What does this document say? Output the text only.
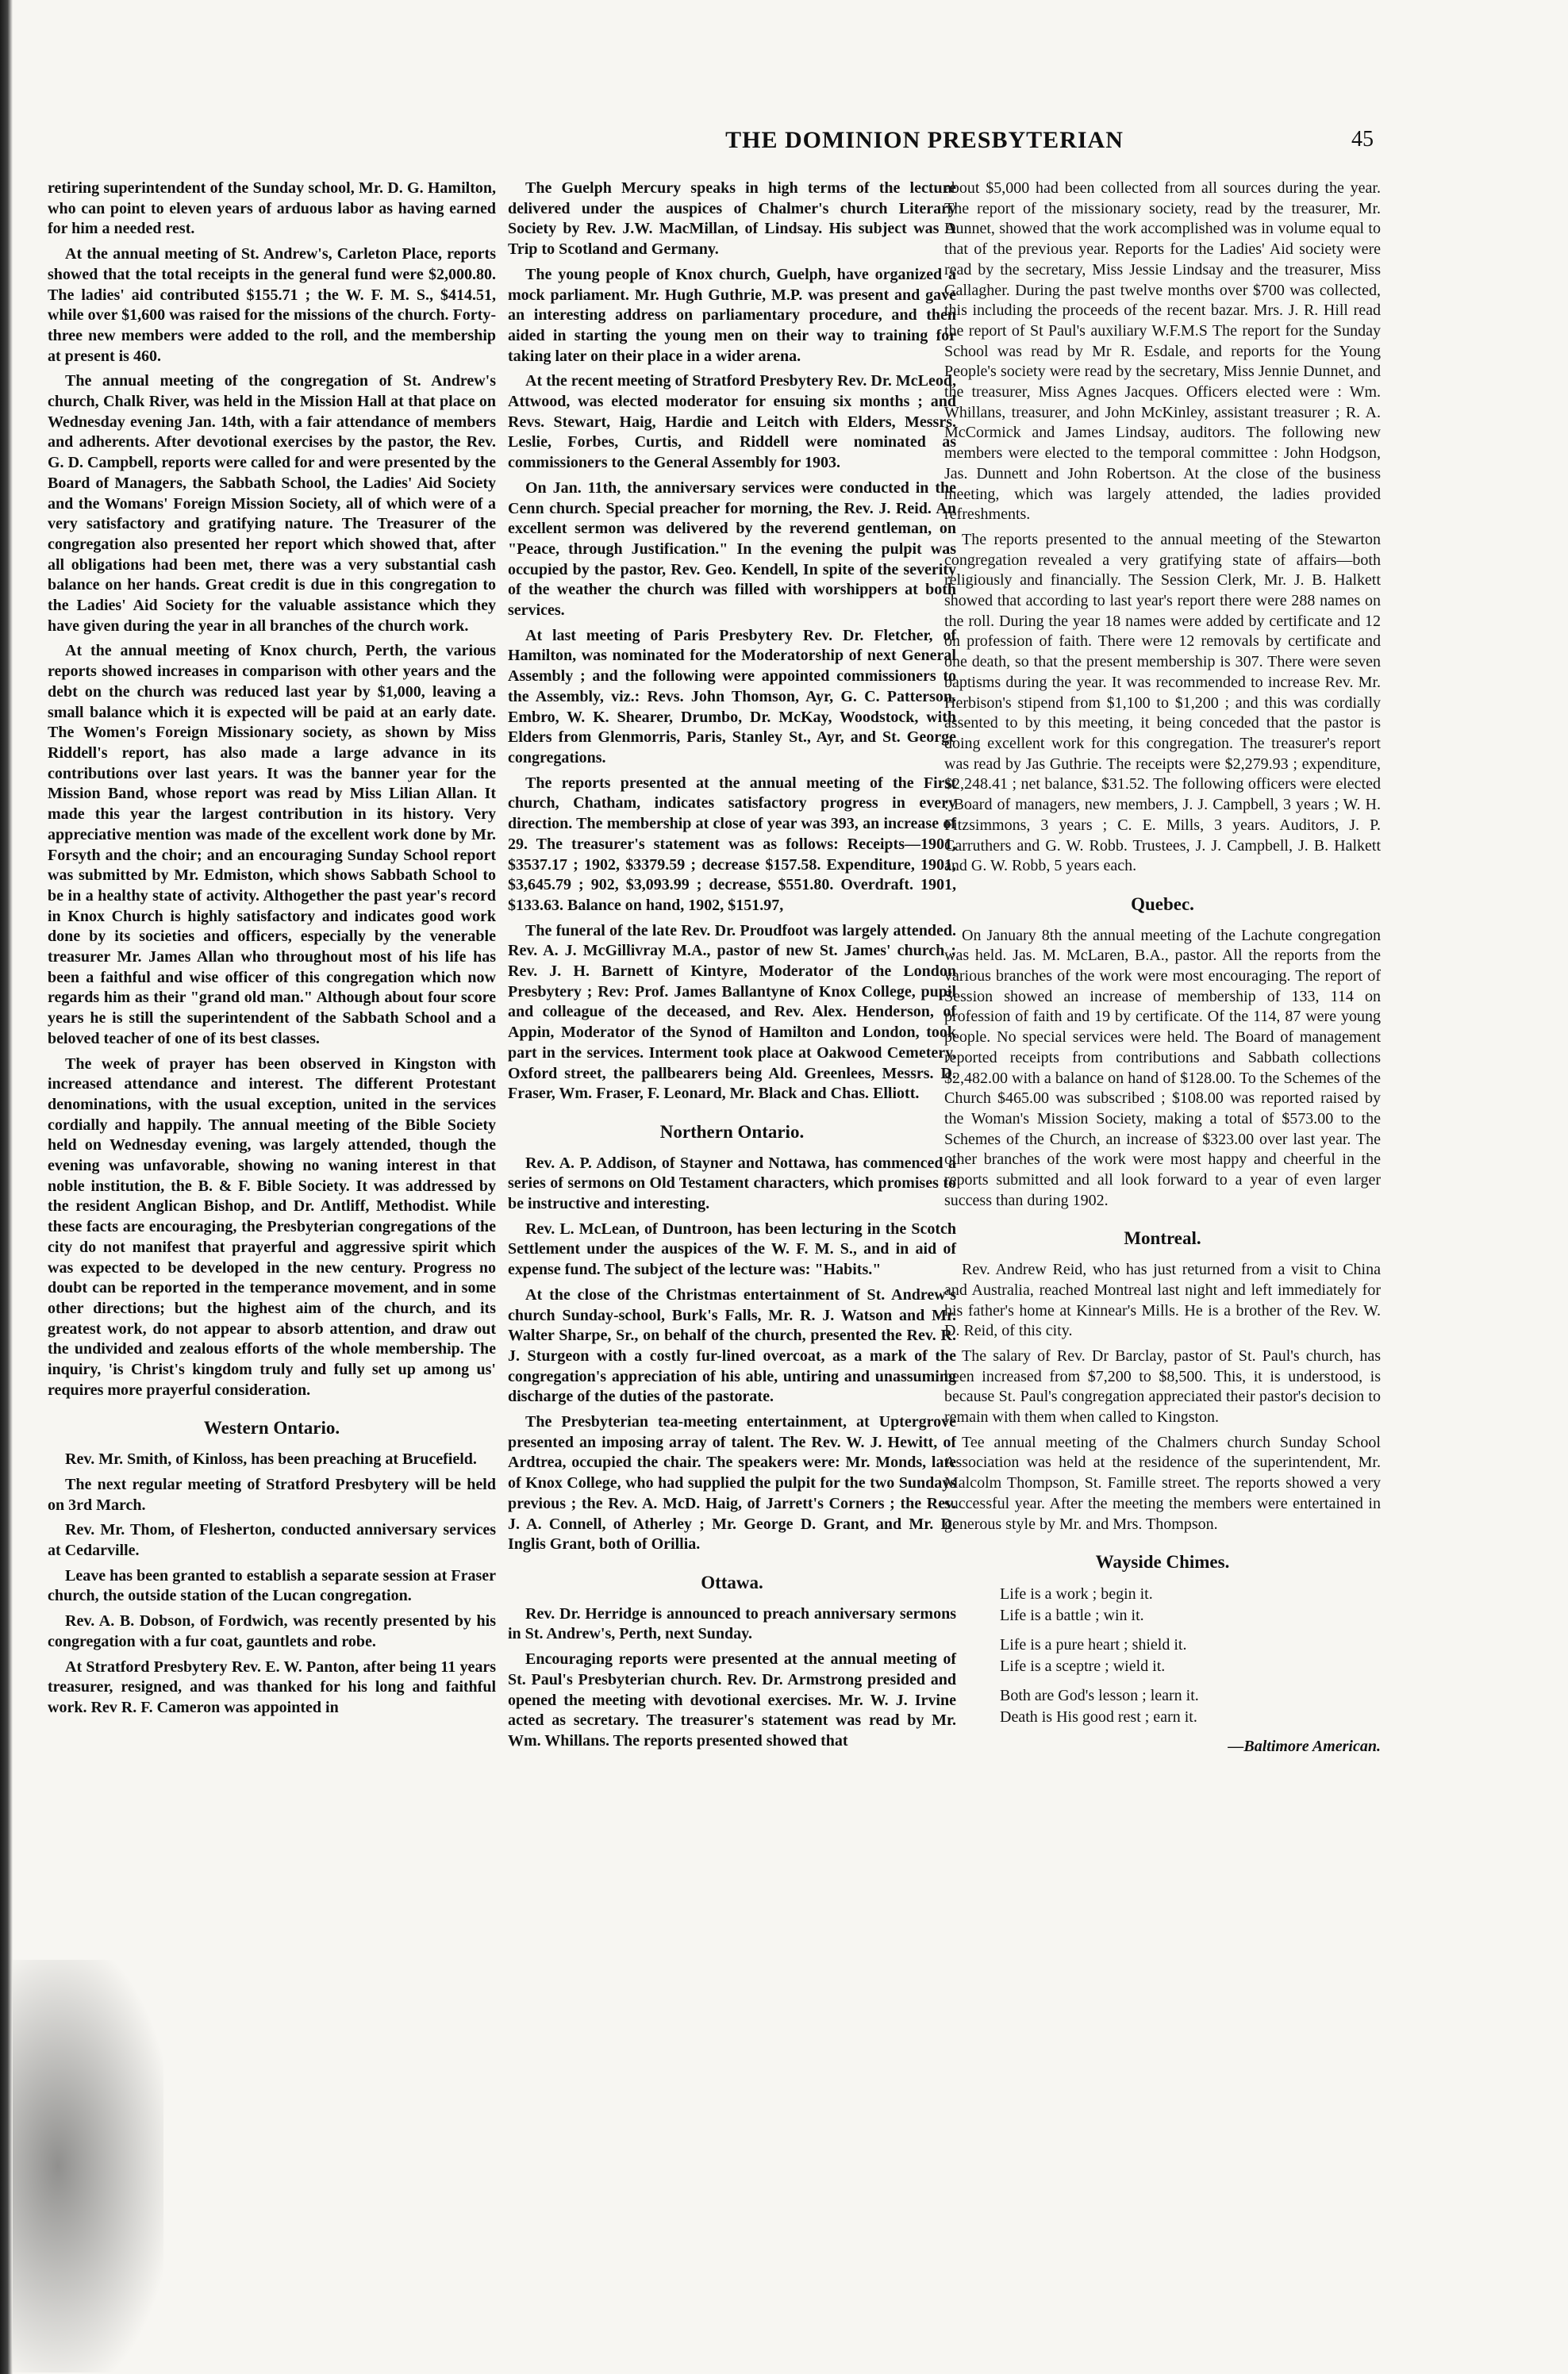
THE DOMINION PRESBYTERIAN	45

retiring superintendent of the Sunday school, Mr. D. G. Hamilton, who can point to eleven years of arduous labor as having earned for him a needed rest.

At the annual meeting of St. Andrew's, Carleton Place, reports showed that the total receipts in the general fund were $2,000.80. The ladies' aid contributed $155.71 ; the W. F. M. S., $414.51, while over $1,600 was raised for the missions of the church. Forty-three new members were added to the roll, and the membership at present is 460.

The annual meeting of the congregation of St. Andrew's church, Chalk River, was held in the Mission Hall at that place on Wednesday evening Jan. 14th, with a fair attendance of members and adherents. After devotional exercises by the pastor, the Rev. G. D. Campbell, reports were called for and were presented by the Board of Managers, the Sabbath School, the Ladies' Aid Society and the Womans' Foreign Mission Society, all of which were of a very satisfactory and gratifying nature. The Treasurer of the congregation also presented her report which showed that, after all obligations had been met, there was a very substantial cash balance on her hands. Great credit is due in this congregation to the Ladies' Aid Society for the valuable assistance which they have given during the year in all branches of the church work.

At the annual meeting of Knox church, Perth, the various reports showed increases in comparison with other years and the debt on the church was reduced last year by $1,000, leaving a small balance which it is expected will be paid at an early date. The Women's Foreign Missionary society, as shown by Miss Riddell's report, has also made a large advance in its contributions over last years. It was the banner year for the Mission Band, whose report was read by Miss Lilian Allan. It made this year the largest contribution in its history. Very appreciative mention was made of the excellent work done by Mr. Forsyth and the choir; and an encouraging Sunday School report was submitted by Mr. Edmiston, which shows Sabbath School to be in a healthy state of activity. Althogether the past year's record in Knox Church is highly satisfactory and indicates good work done by its societies and officers, especially by the venerable treasurer Mr. James Allan who throughout most of his life has been a faithful and wise officer of this congregation which now regards him as their "grand old man." Although about four score years he is still the superintendent of the Sabbath School and a beloved teacher of one of its best classes.

The week of prayer has been observed in Kingston with increased attendance and interest. The different Protestant denominations, with the usual exception, united in the services cordially and happily. The annual meeting of the Bible Society held on Wednesday evening, was largely attended, though the evening was unfavorable, showing no waning interest in that noble institution, the B. & F. Bible Society. It was addressed by the resident Anglican Bishop, and Dr. Antliff, Methodist. While these facts are encouraging, the Presbyterian congregations of the city do not manifest that prayerful and aggressive spirit which was expected to be developed in the new century. Progress no doubt can be reported in the temperance movement, and in some other directions; but the highest aim of the church, and its greatest work, do not appear to absorb attention, and draw out the undivided and zealous efforts of the whole membership. The inquiry, 'is Christ's kingdom truly and fully set up among us' requires more prayerful consideration.

Western Ontario.

Rev. Mr. Smith, of Kinloss, has been preaching at Brucefield.

The next regular meeting of Stratford Presbytery will be held on 3rd March.

Rev. Mr. Thom, of Flesherton, conducted anniversary services at Cedarville.

Leave has been granted to establish a separate session at Fraser church, the outside station of the Lucan congregation.

Rev. A. B. Dobson, of Fordwich, was recently presented by his congregation with a fur coat, gauntlets and robe.

At Stratford Presbytery Rev. E. W. Panton, after being 11 years treasurer, resigned, and was thanked for his long and faithful work. Rev R. F. Cameron was appointed in

The Guelph Mercury speaks in high terms of the lecture delivered under the auspices of Chalmer's church Literary Society by Rev. J.W. MacMillan, of Lindsay. His subject was A Trip to Scotland and Germany.

The young people of Knox church, Guelph, have organized a mock parliament. Mr. Hugh Guthrie, M.P. was present and gave an interesting address on parliamentary procedure, and then aided in starting the young men on their way to training for taking later on their place in a wider arena.

At the recent meeting of Stratford Presbytery Rev. Dr. McLeod, Attwood, was elected moderator for ensuing six months ; and Revs. Stewart, Haig, Hardie and Leitch with Elders, Messrs. Leslie, Forbes, Curtis, and Riddell were nominated as commissioners to the General Assembly for 1903.

On Jan. 11th, the anniversary services were conducted in the Cenn church. Special preacher for morning, the Rev. J. Reid. An excellent sermon was delivered by the reverend gentleman, on "Peace, through Justification." In the evening the pulpit was occupied by the pastor, Rev. Geo. Kendell, In spite of the severity of the weather the church was filled with worshippers at both services.

At last meeting of Paris Presbytery Rev. Dr. Fletcher, of Hamilton, was nominated for the Moderatorship of next General Assembly ; and the following were appointed commissioners to the Assembly, viz.: Revs. John Thomson, Ayr, G. C. Patterson. Embro, W. K. Shearer, Drumbo, Dr. McKay, Woodstock, with Elders from Glenmorris, Paris, Stanley St., Ayr, and St. George congregations.

The reports presented at the annual meeting of the First church, Chatham, indicates satisfactory progress in every direction. The membership at close of year was 393, an increase of 29. The treasurer's statement was as follows: Receipts—1901, $3537.17 ; 1902, $3379.59 ; decrease $157.58. Expenditure, 1901, $3,645.79 ; 902, $3,093.99 ; decrease, $551.80. Overdraft. 1901, $133.63. Balance on hand, 1902, $151.97,

The funeral of the late Rev. Dr. Proudfoot was largely attended. Rev. A. J. McGillivray M.A., pastor of new St. James' church ; Rev. J. H. Barnett of Kintyre, Moderator of the London Presbytery ; Rev: Prof. James Ballantyne of Knox College, pupil and colleague of the deceased, and Rev. Alex. Henderson, of Appin, Moderator of the Synod of Hamilton and London, took part in the services. Interment took place at Oakwood Cemetery, Oxford street, the pallbearers being Ald. Greenlees, Messrs. D. Fraser, Wm. Fraser, F. Leonard, Mr. Black and Chas. Elliott.

Northern Ontario.

Rev. A. P. Addison, of Stayner and Nottawa, has commenced a series of sermons on Old Testament characters, which promises to be instructive and interesting.

Rev. L. McLean, of Duntroon, has been lecturing in the Scotch Settlement under the auspices of the W. F. M. S., and in aid of expense fund. The subject of the lecture was: "Habits."

At the close of the Christmas entertainment of St. Andrew's church Sunday-school, Burk's Falls, Mr. R. J. Watson and Mr. Walter Sharpe, Sr., on behalf of the church, presented the Rev. R. J. Sturgeon with a costly fur-lined overcoat, as a mark of the congregation's appreciation of his able, untiring and unassuming discharge of the duties of the pastorate.

The Presbyterian tea-meeting entertainment, at Uptergrove presented an imposing array of talent. The Rev. W. J. Hewitt, of Ardtrea, occupied the chair. The speakers were: Mr. Monds, late of Knox College, who had supplied the pulpit for the two Sundays previous ; the Rev. A. McD. Haig, of Jarrett's Corners ; the Rev. J. A. Connell, of Atherley ; Mr. George D. Grant, and Mr. D. Inglis Grant, both of Orillia.

Ottawa.

Rev. Dr. Herridge is announced to preach anniversary sermons in St. Andrew's, Perth, next Sunday.

Encouraging reports were presented at the annual meeting of St. Paul's Presbyterian church. Rev. Dr. Armstrong presided and opened the meeting with devotional exercises. Mr. W. J. Irvine acted as secretary. The treasurer's statement was read by Mr. Wm. Whillans. The reports presented showed that

about $5,000 had been collected from all sources during the year. The report of the missionary society, read by the treasurer, Mr. Dunnet, showed that the work accomplished was in volume equal to that of the previous year. Reports for the Ladies' Aid society were read by the secretary, Miss Jessie Lindsay and the treasurer, Miss Gallagher. During the past twelve months over $700 was collected, this including the proceeds of the recent bazar. Mrs. J. R. Hill read the report of St Paul's auxiliary W.F.M.S The report for the Sunday School was read by Mr R. Esdale, and reports for the Young People's society were read by the secretary, Miss Jennie Dunnet, and the treasurer, Miss Agnes Jacques. Officers elected were : Wm. Whillans, treasurer, and John McKinley, assistant treasurer ; R. A. McCormick and James Lindsay, auditors. The following new members were elected to the temporal committee : John Hodgson, Jas. Dunnett and John Robertson. At the close of the business meeting, which was largely attended, the ladies provided refreshments.

The reports presented to the annual meeting of the Stewarton congregation revealed a very gratifying state of affairs—both religiously and financially. The Session Clerk, Mr. J. B. Halkett showed that according to last year's report there were 288 names on the roll. During the year 18 names were added by certificate and 12 on profession of faith. There were 12 removals by certificate and one death, so that the present membership is 307. There were seven baptisms during the year. It was recommended to increase Rev. Mr. Herbison's stipend from $1,100 to $1,200 ; and this was cordially assented to by this meeting, it being conceded that the pastor is doing excellent work for this congregation. The treasurer's report was read by Jas Guthrie. The receipts were $2,279.93 ; expenditure, $2,248.41 ; net balance, $31.52. The following officers were elected : Board of managers, new members, J. J. Campbell, 3 years ; W. H. Fitzsimmons, 3 years ; C. E. Mills, 3 years. Auditors, J. P. Carruthers and G. W. Robb. Trustees, J. J. Campbell, J. B. Halkett and G. W. Robb, 5 years each.

Quebec.

On January 8th the annual meeting of the Lachute congregation was held. Jas. M. McLaren, B.A., pastor. All the reports from the various branches of the work were most encouraging. The report of Session showed an increase of membership of 133, 114 on profession of faith and 19 by certificate. Of the 114, 87 were young people. No special services were held. The Board of management reported receipts from contributions and Sabbath collections $2,482.00 with a balance on hand of $128.00. To the Schemes of the Church $465.00 was subscribed ; $108.00 was reported raised by the Woman's Mission Society, making a total of $573.00 to the Schemes of the Church, an increase of $323.00 over last year. The other branches of the work were most happy and cheerful in the reports submitted and all look forward to a year of even larger success than during 1902.

Montreal.

Rev. Andrew Reid, who has just returned from a visit to China and Australia, reached Montreal last night and left immediately for his father's home at Kinnear's Mills. He is a brother of the Rev. W. D. Reid, of this city.

The salary of Rev. Dr Barclay, pastor of St. Paul's church, has been increased from $7,200 to $8,500. This, it is understood, is because St. Paul's congregation appreciated their pastor's decision to remain with them when called to Kingston.

Tee annual meeting of the Chalmers church Sunday School Association was held at the residence of the superintendent, Mr. Malcolm Thompson, St. Famille street. The reports showed a very successful year. After the meeting the members were entertained in generous style by Mr. and Mrs. Thompson.

Wayside Chimes.
Life is a work ; begin it.
Life is a battle ; win it.
Life is a pure heart ; shield it.
Life is a sceptre ; wield it.
Both are God's lesson ; learn it.
Death is His good rest ; earn it.
—Baltimore American.
